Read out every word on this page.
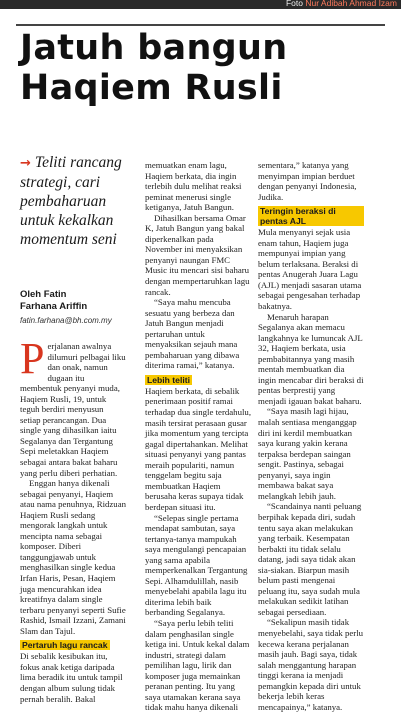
Foto Nur Adibah Ahmad Izam
Jatuh bangun
Haqiem Rusli
→ Teliti rancang strategi, cari pembaharuan untuk kekalkan momentum seni
Oleh Fatin
Farhana Ariffin
fatin.farhana@bh.com.my

Perjalanan awalnya dilumuri pelbagai liku dan onak, namun dugaan itu membentuk penyanyi muda, Haqiem Rusli, 19, untuk teguh berdiri menyusun setiap perancangan. Dua single yang dihasilkan iaitu Segalanya dan Tergantung Sepi meletakkan Haqiem sebagai antara bakat baharu yang perlu diberi perhatian.

Enggan hanya dikenali sebagai penyanyi, Haqiem atau nama penuhnya, Ridzuan Haqiem Rusli sedang mengorak langkah untuk mencipta nama sebagai komposer. Diberi tanggungjawab untuk menghasilkan single kedua Irfan Haris, Pesan, Haqiem juga mencurahkan idea kreatifnya dalam single terbaru penyanyi seperti Sufie Rashid, Ismail Izzani, Zamani Slam dan Tajul.

Pertaruh lagu rancak

Di sebalik kesibukan itu, fokus anak ketiga daripada lima beradik itu untuk tampil dengan album sulung tidak pernah beralih. Bakal

memuatkan enam lagu, Haqiem berkata, dia ingin terlebih dulu melihat reaksi peminat menerusi single ketiganya, Jatuh Bangun.

Dihasilkan bersama Omar K, Jatuh Bangun yang bakal diperkenalkan pada November ini menyaksikan penyanyi naungan FMC Music itu mencari sisi baharu dengan mempertaruhkan lagu rancak.

“Saya mahu mencuba sesuatu yang berbeza dan Jatuh Bangun menjadi pertaruhan untuk menyaksikan sejauh mana pembaharuan yang dibawa diterima ramai,” katanya.

Lebih teliti

Haqiem berkata, di sebalik penerimaan positif ramai terhadap dua single terdahulu, masih tersirat perasaan gusar jika momentum yang tercipta gagal dipertahankan. Melihat situasi penyanyi yang pantas meraih populariti, namun tenggelam begitu saja membuatkan Haqiem berusaha keras supaya tidak berdepan situasi itu.

“Selepas single pertama mendapat sambutan, saya tertanya-tanya mampukah saya mengulangi pencapaian yang sama apabila memperkenalkan Tergantung Sepi. Alhamdulillah, nasib menyebelahi apabila lagu itu diterima lebih baik berbanding Segalanya.

“Saya perlu lebih teliti dalam penghasilan single ketiga ini. Untuk kekal dalam industri, strategi dalam pemilihan lagu, lirik dan komposer juga memainkan peranan penting. Itu yang saya utamakan kerana saya tidak mahu hanya dikenali

sementara,” katanya yang menyimpan impian berduet dengan penyanyi Indonesia, Judika.

Teringin beraksi di pentas AJL

Mula menyanyi sejak usia enam tahun, Haqiem juga mempunyai impian yang belum terlaksana. Beraksi di pentas Anugerah Juara Lagu (AJL) menjadi sasaran utama sebagai pengesahan terhadap bakatnya.

Menaruh harapan Segalanya akan memacu langkahnya ke lumuncak AJL 32, Haqiem berkata, usia pembabitannya yang masih mentah membuatkan dia ingin mencabar diri beraksi di pentas berprestij yang menjadi igauan bakat baharu.

“Saya masih lagi hijau, malah sentiasa menganggap diri ini kerdil membuatkan saya kurang yakin kerana terpaksa berdepan saingan sengit. Pastinya, sebagai penyanyi, saya ingin membawa bakat saya melangkah lebih jauh.

“Scandainya nanti peluang berpihak kepada diri, sudah tentu saya akan melakukan yang terbaik. Kesempatan berbakti itu tidak selalu datang, jadi saya tidak akan sia-siakan. Biarpun masih belum pasti mengenai peluang itu, saya sudah mula melakukan sedikit latihan sebagai persediaan.

“Sekalipun masih tidak menyebelahi, saya tidak perlu kecewa kerana perjalanan masih jauh. Bagi saya, tidak salah menggantung harapan tinggi kerana ia menjadi pemangkin kepada diri untuk bekerja lebih keras mencapainya,” katanya.
